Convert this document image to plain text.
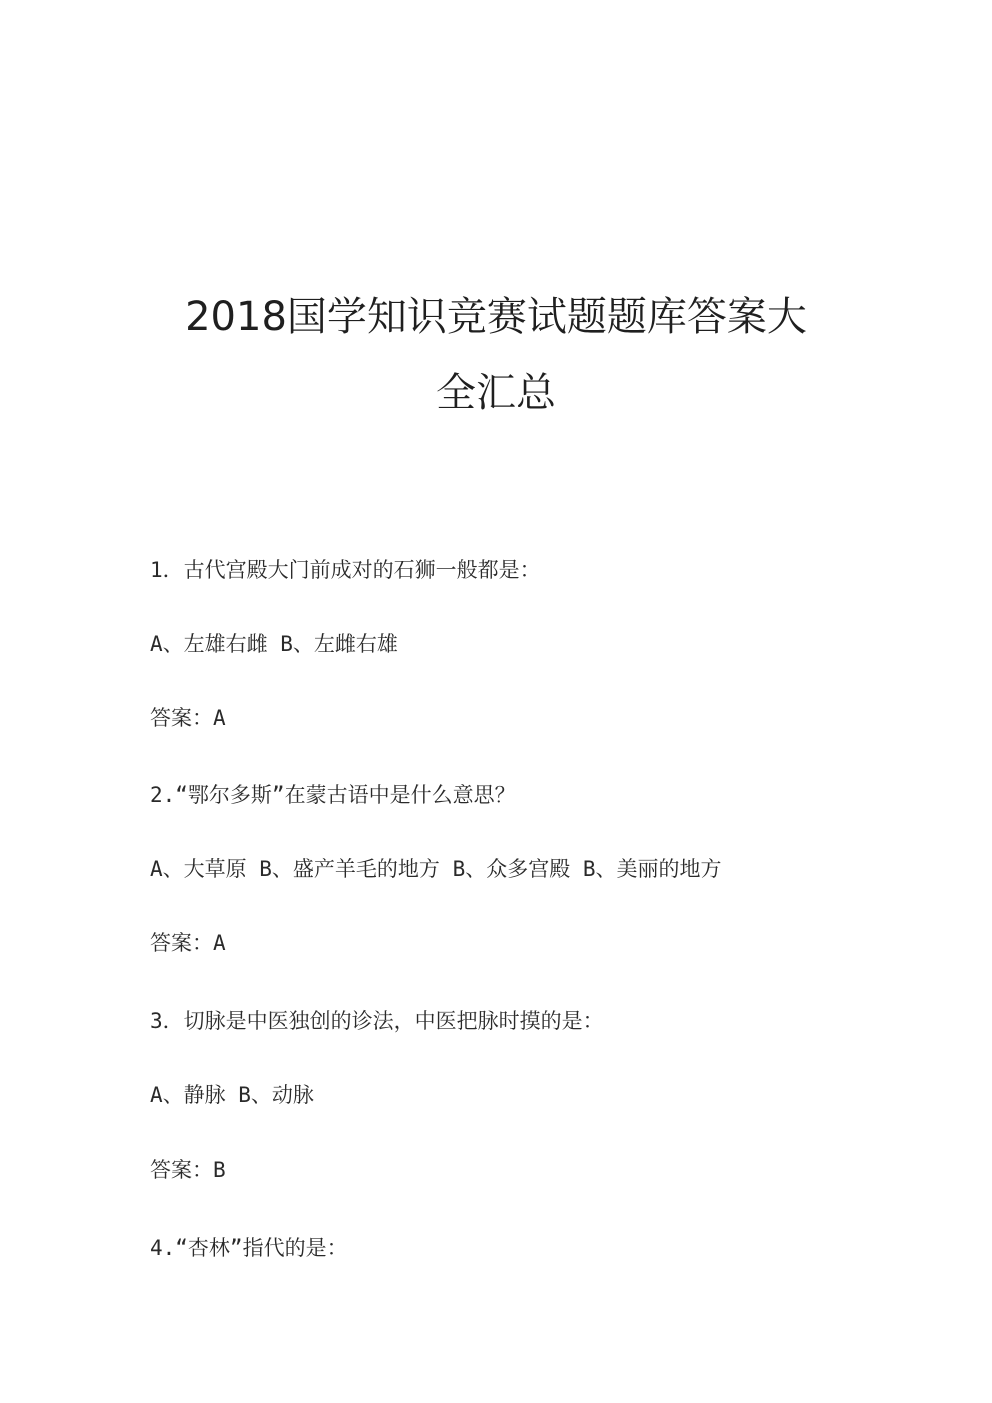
2018国学知识竞赛试题题库答案大
全汇总

1．古代宫殿大门前成对的石狮一般都是：

A、左雄右雌 B、左雌右雄

答案：A

2.“鄂尔多斯”在蒙古语中是什么意思？

A、大草原 B、盛产羊毛的地方 B、众多宫殿 B、美丽的地方

答案：A

3．切脉是中医独创的诊法，中医把脉时摸的是：

A、静脉 B、动脉

答案：B

4.“杏林”指代的是：
